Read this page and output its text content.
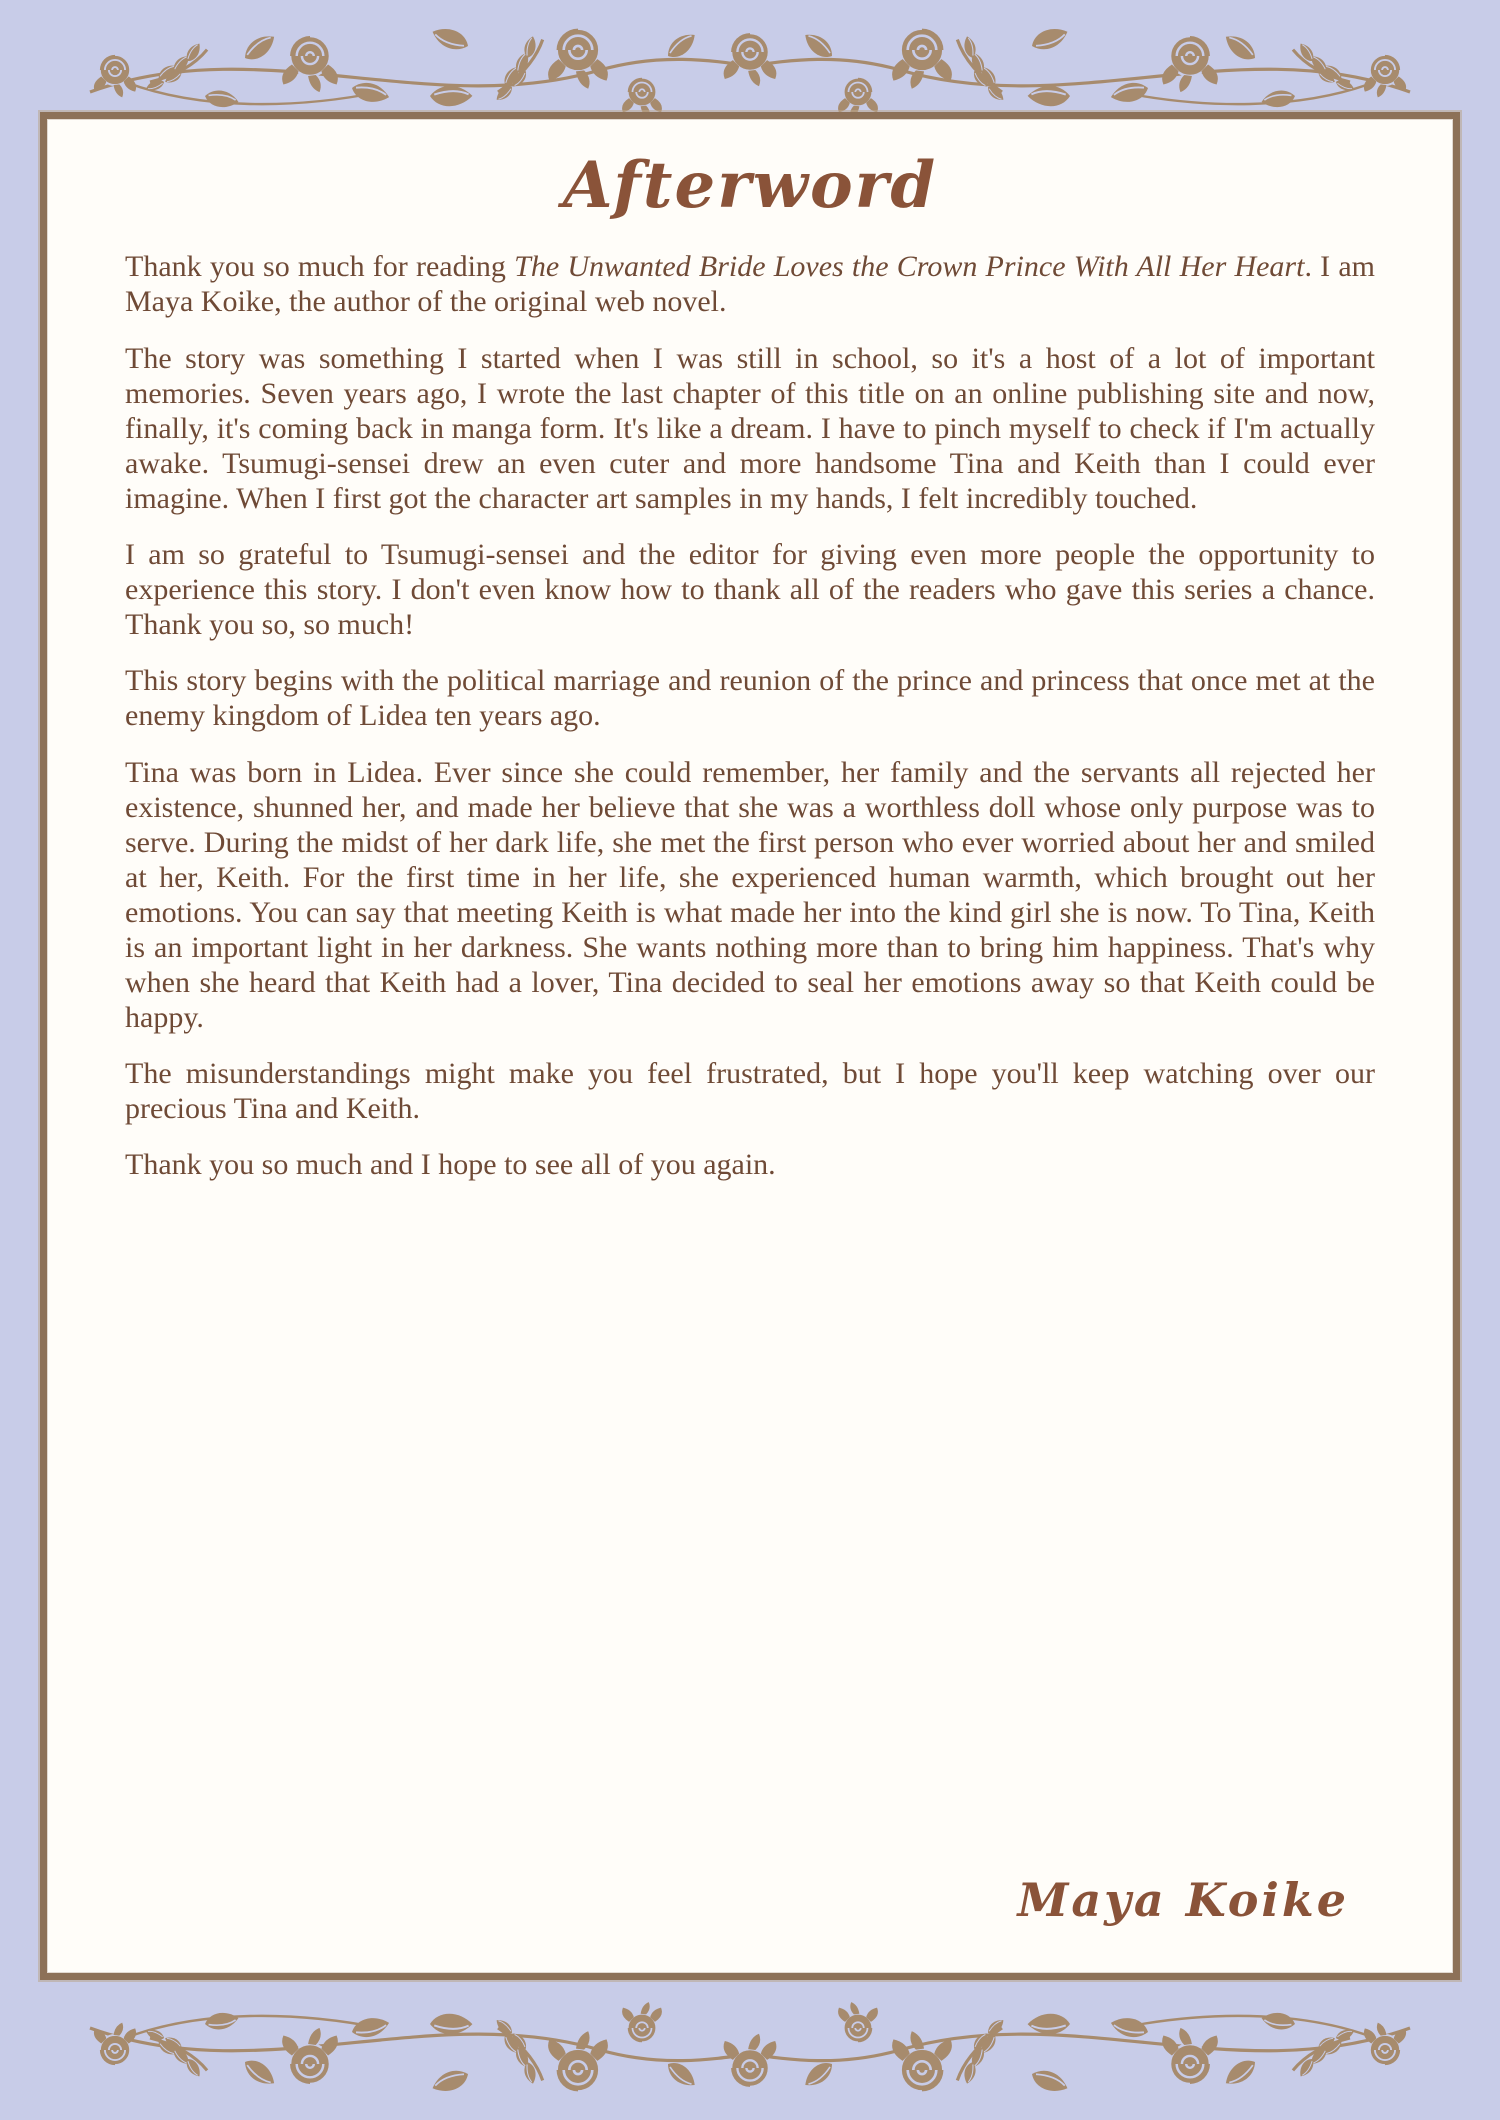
Afterword

Thank you so much for reading The Unwanted Bride Loves the Crown Prince With All Her Heart. I am Maya Koike, the author of the original web novel.

The story was something I started when I was still in school, so it's a host of a lot of important memories. Seven years ago, I wrote the last chapter of this title on an online publishing site and now, finally, it's coming back in manga form. It's like a dream. I have to pinch myself to check if I'm actually awake. Tsumugi-sensei drew an even cuter and more handsome Tina and Keith than I could ever imagine. When I first got the character art samples in my hands, I felt incredibly touched.

I am so grateful to Tsumugi-sensei and the editor for giving even more people the opportunity to experience this story. I don't even know how to thank all of the readers who gave this series a chance. Thank you so, so much!

This story begins with the political marriage and reunion of the prince and princess that once met at the enemy kingdom of Lidea ten years ago.

Tina was born in Lidea. Ever since she could remember, her family and the servants all rejected her existence, shunned her, and made her believe that she was a worthless doll whose only purpose was to serve. During the midst of her dark life, she met the first person who ever worried about her and smiled at her, Keith. For the first time in her life, she experienced human warmth, which brought out her emotions. You can say that meeting Keith is what made her into the kind girl she is now. To Tina, Keith is an important light in her darkness. She wants nothing more than to bring him happiness. That's why when she heard that Keith had a lover, Tina decided to seal her emotions away so that Keith could be happy.

The misunderstandings might make you feel frustrated, but I hope you'll keep watching over our precious Tina and Keith.

Thank you so much and I hope to see all of you again.

Maya Koike
